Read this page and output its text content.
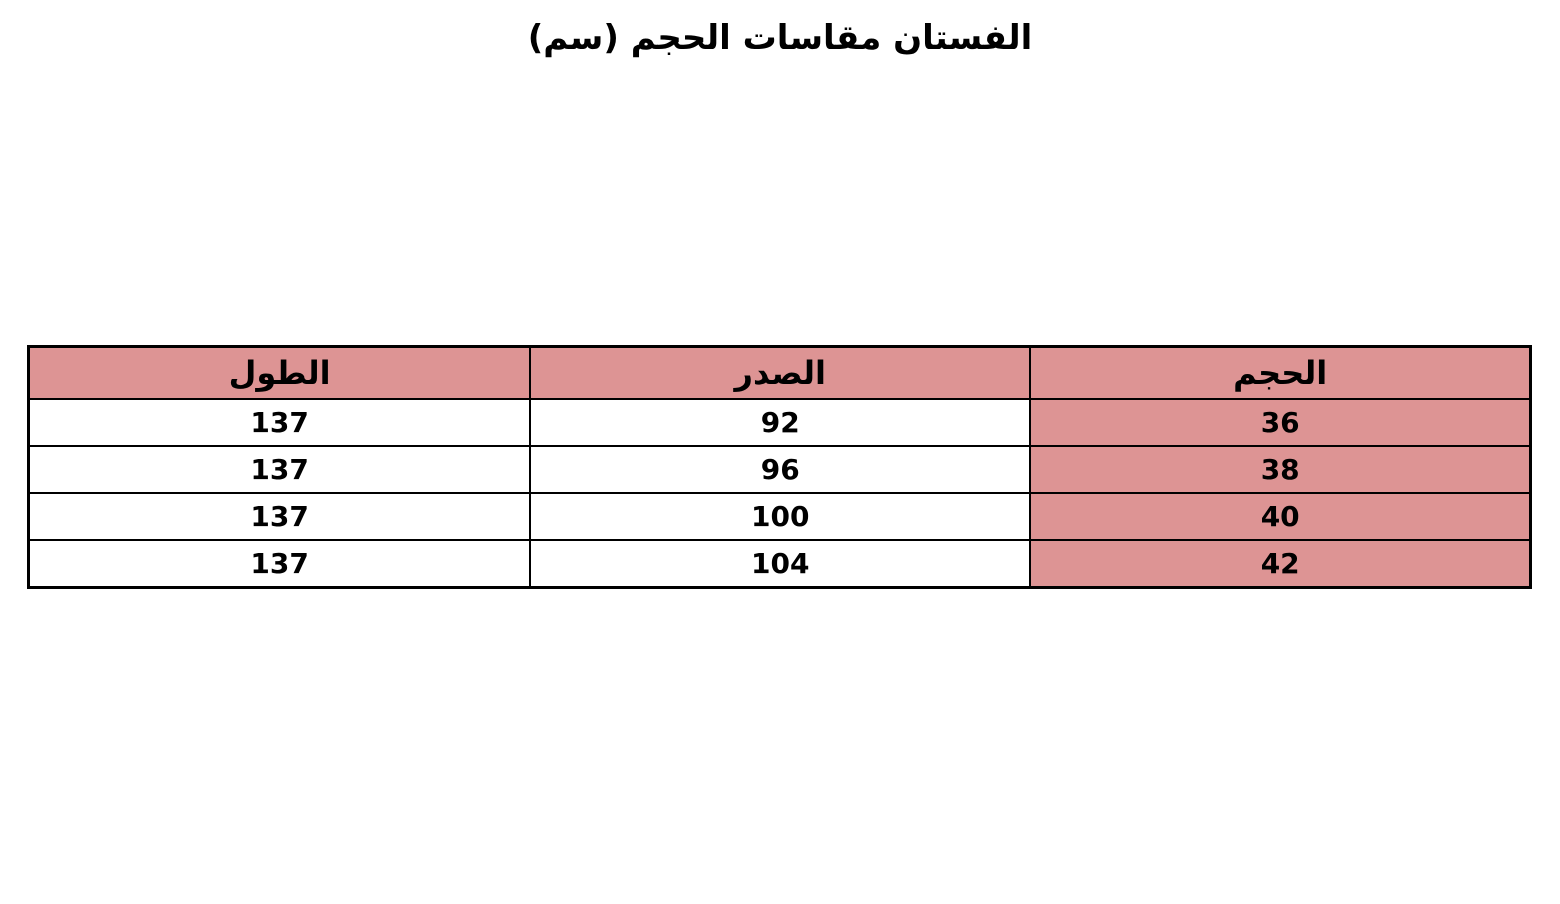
الفستان مقاسات الحجم (سم)
الحجم	الصدر	الطول
36	92	137
38	96	137
40	100	137
42	104	137
